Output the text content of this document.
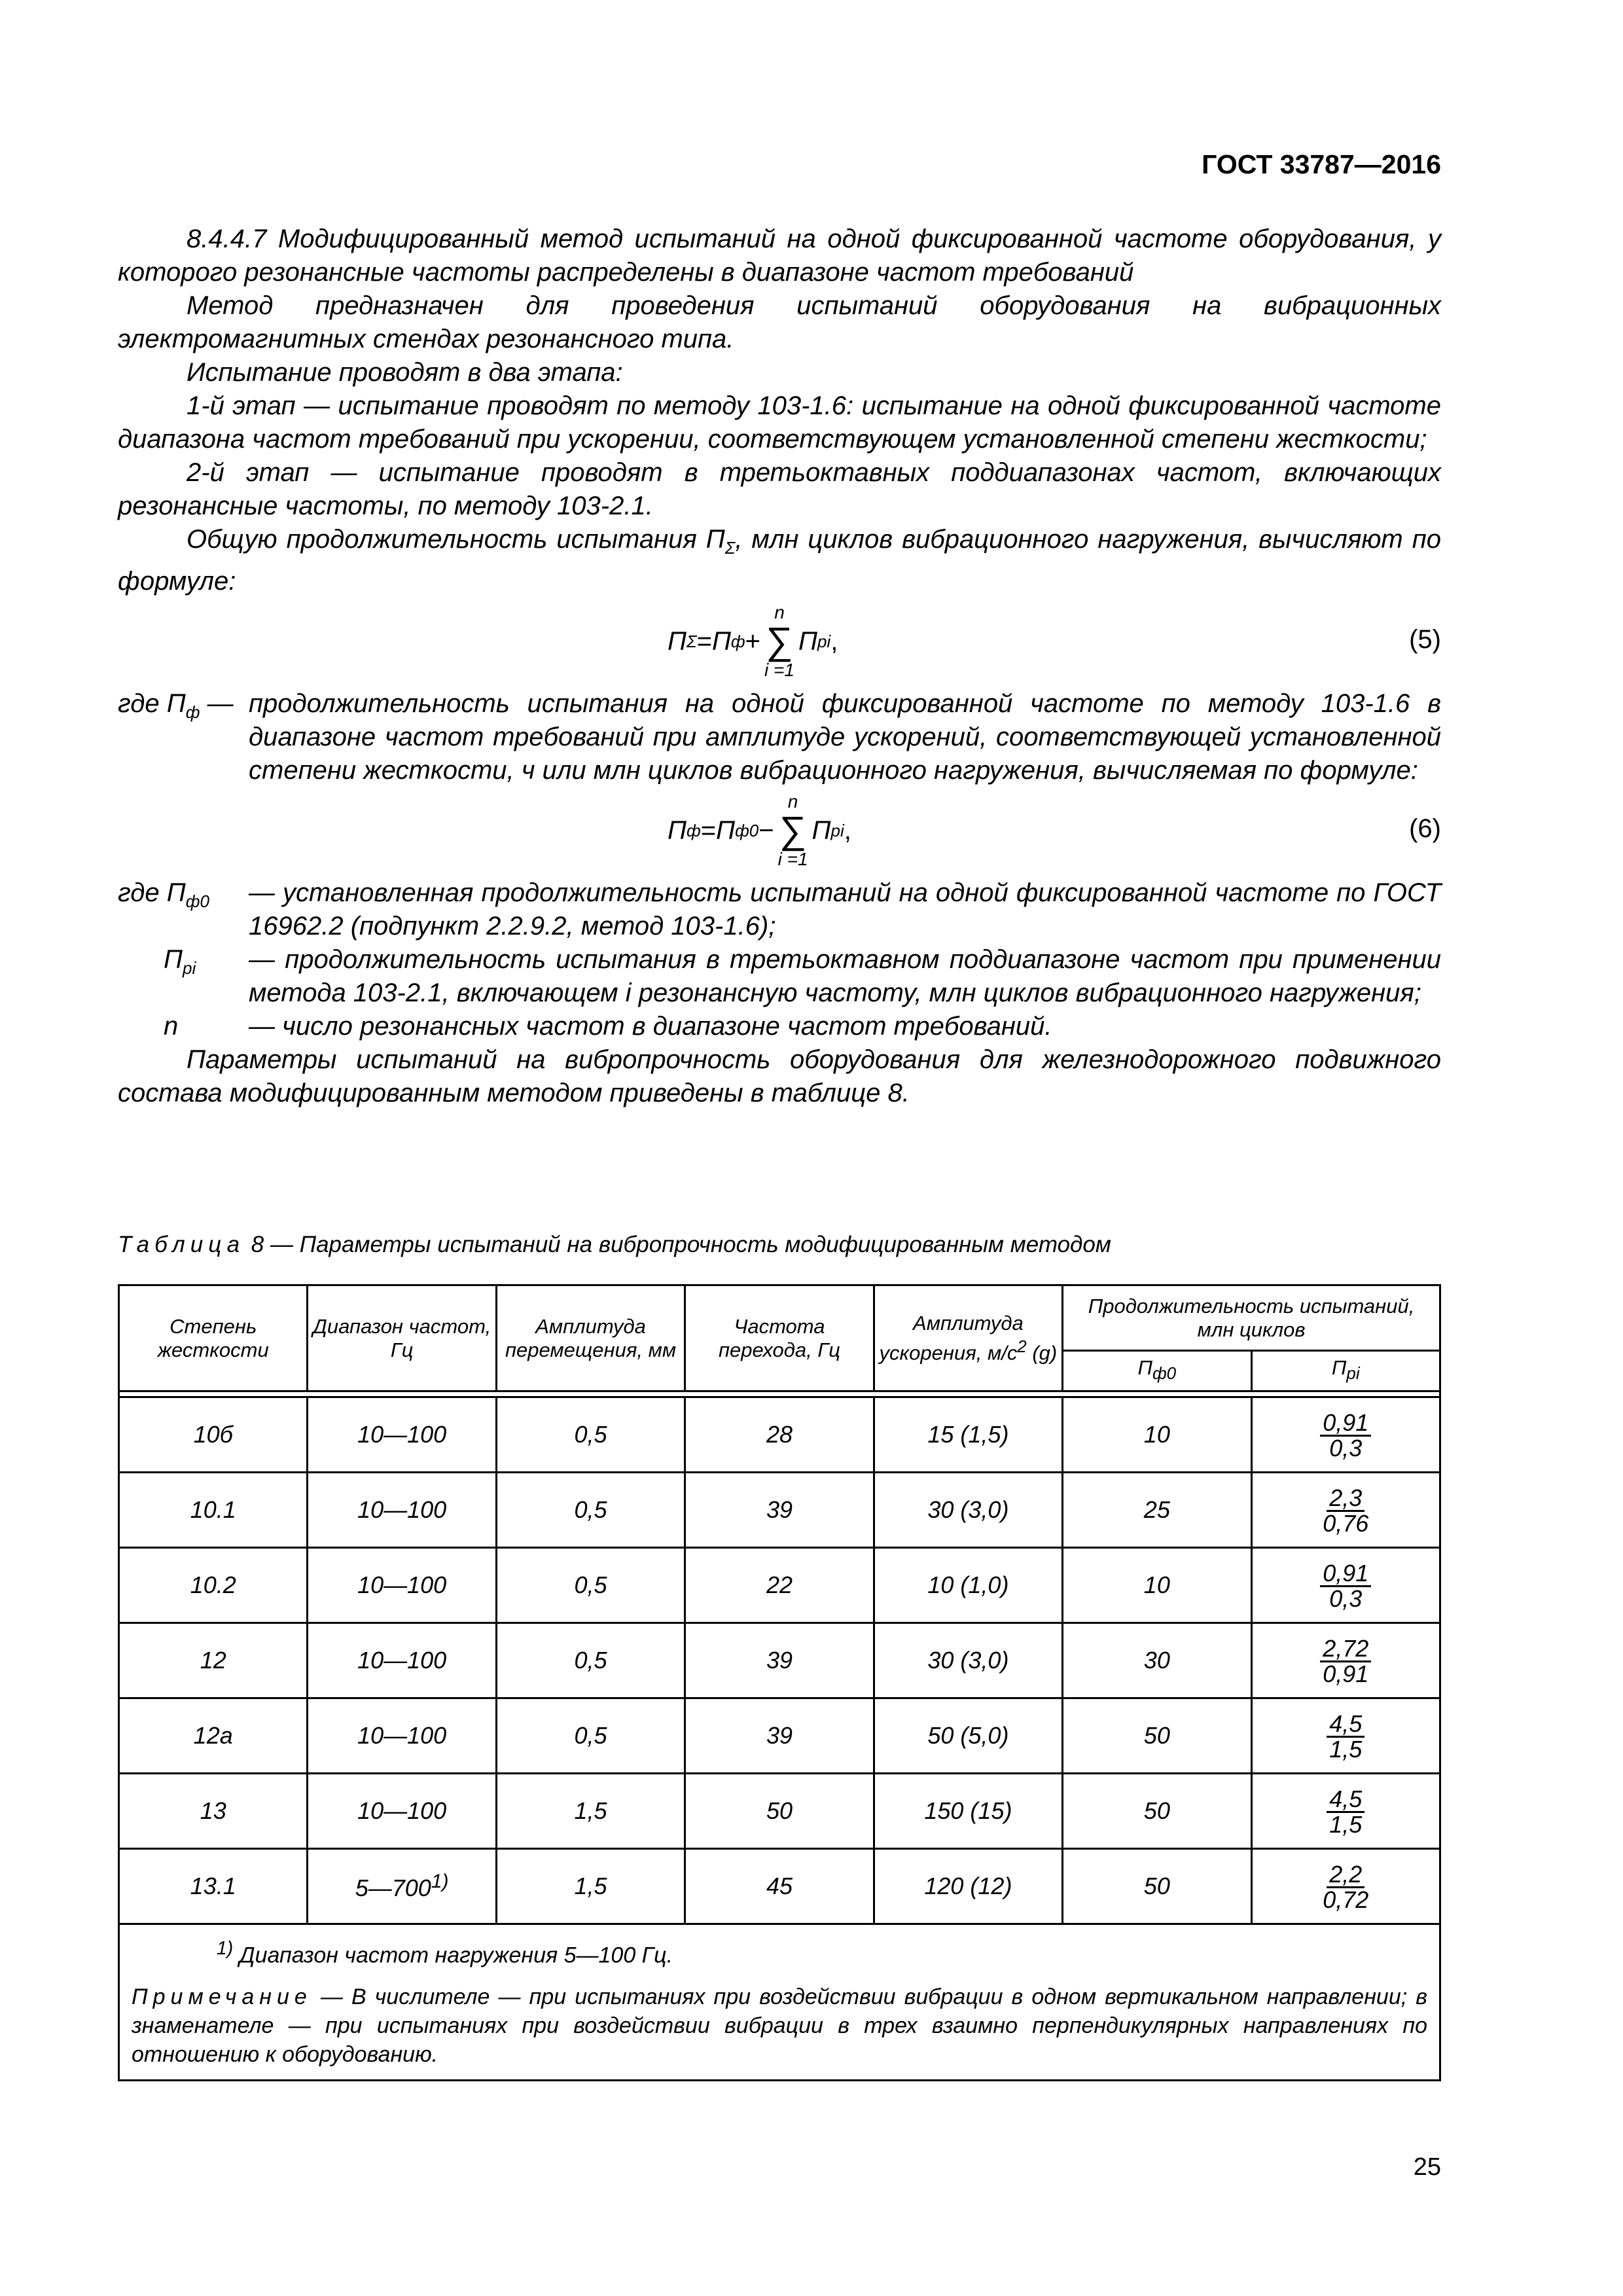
ГОСТ 33787—2016

8.4.4.7 Модифицированный метод испытаний на одной фиксированной частоте оборудования, у которого резонансные частоты распределены в диапазоне частот требований

Метод предназначен для проведения испытаний оборудования на вибрационных электромагнитных стендах резонансного типа.

Испытание проводят в два этапа:

1-й этап — испытание проводят по методу 103-1.6: испытание на одной фиксированной частоте диапазона частот требований при ускорении, соответствующем установленной степени жесткости;

2-й этап — испытание проводят в третьоктавных поддиапазонах частот, включающих резонансные частоты, по методу 103-2.1.

Общую продолжительность испытания $П_\Sigma$, млн циклов вибрационного нагружения, вычисляют по формуле:

П Σ = П ф +
n
∑
i =1
П pi ,	(5)
где $П_ф$ — продолжительность испытания на одной фиксированной частоте по методу 103-1.6 в диапазоне частот требований при амплитуде ускорений, соответствующей установленной степени жесткости, ч или млн циклов вибрационного нагружения, вычисляемая по формуле:
П ф = П ф0 −
n
∑
i =1
П pi ,	(6)
где $П_{ф0}$	— установленная продолжительность испытаний на одной фиксированной частоте по ГОСТ 16962.2 (подпункт 2.2.9.2, метод 103-1.6);
$П_{pi}$	— продолжительность испытания в третьоктавном поддиапазоне частот при применении метода 103-2.1, включающем i резонансную частоту, млн циклов вибрационного нагружения;
n	— число резонансных частот в диапазоне частот требований.

Параметры испытаний на вибропрочность оборудования для железнодорожного подвижного состава модифицированным методом приведены в таблице 8.

Таблица 8 — Параметры испытаний на вибропрочность модифицированным методом
Степень жесткости	Диапазон частот, Гц	Амплитуда перемещения, мм	Частота перехода, Гц	Амплитуда ускорения, $м/с^2$ (g)	Продолжительность испытаний, млн циклов	
					$П_{ф0}$	$П_{pi}$

10б	10—100	0,5	28	15 (1,5)	10	$\frac{0,91}{0,3}$

10.1	10—100	0,5	39	30 (3,0)	25	$\frac{2,3}{0,76}$

10.2	10—100	0,5	22	10 (1,0)	10	$\frac{0,91}{0,3}$

12	10—100	0,5	39	30 (3,0)	30	$\frac{2,72}{0,91}$

12а	10—100	0,5	39	50 (5,0)	50	$\frac{4,5}{1,5}$

13	10—100	1,5	50	150 (15)	50	$\frac{4,5}{1,5}$

13.1	5—700$^{1)}$	1,5	45	120 (12)	50	$\frac{2,2}{0,72}$

$^{1)}$ Диапазон частот нагружения 5—100 Гц.
Примечание — В числителе — при испытаниях при воздействии вибрации в одном вертикальном направлении; в знаменателе — при испытаниях при воздействии вибрации в трех взаимно перпендикулярных направлениях по отношению к оборудованию.						
25
